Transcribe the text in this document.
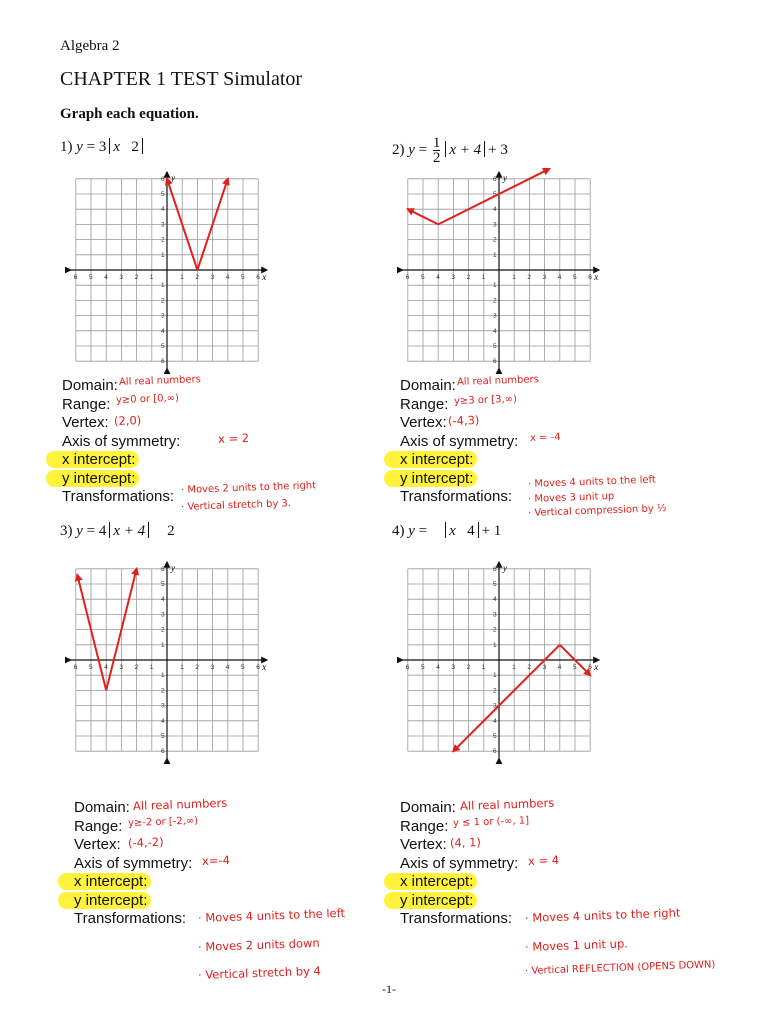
Algebra 2
CHAPTER 1 TEST Simulator
Graph each equation.
1) y = 3 x 2	2) $y = \frac{1}{2}$ x + 4 + 3
3) y = 4 x + 4 2	4) y = x 4 + 1
x
y
6
6
5
5
4
4
3
3
2
2
1
1
1
1
2
2
3
3
4
4
5
5
6
6
x
y
6
6
5
5
4
4
3
3
2
2
1
1
1
1
2
2
3
3
4
4
5
5
6
6
x
y
6
6
5
5
4
4
3
3
2
2
1
1
1
1
2
2
3
3
4
4
5
5
6
6
x
y
6
6
5
5
4
4
3
3
2
2
1
1
1
1
2
2
3
3
4
4
5
5
6
6
Domain:
Range:
Vertex:
Axis of symmetry:
x intercept:
y intercept:
Transformations:
All real numbers
y≥0 or [0,∞)
(2,0)
x = 2
· Moves 2 units to the right
· Vertical stretch by 3.
Domain:
Range:
Vertex:
Axis of symmetry:
x intercept:
y intercept:
Transformations:
All real numbers
y≥3 or [3,∞)
(-4,3)
x = -4
· Moves 4 units to the left
· Moves 3 unit up
· Vertical compression by ½
Domain:
Range:
Vertex:
Axis of symmetry:
x intercept:
y intercept:
Transformations:
All real numbers
y≥-2 or [-2,∞)
(-4,-2)
x=-4
· Moves 4 units to the left
· Moves 2 units down
· Vertical stretch by 4
Domain:
Range:
Vertex:
Axis of symmetry:
x intercept:
y intercept:
Transformations:
All real numbers
y ≤ 1 or (-∞, 1]
(4, 1)
x = 4
· Moves 4 units to the right
· Moves 1 unit up.
· Vertical REFLECTION (OPENS DOWN)
-1-
